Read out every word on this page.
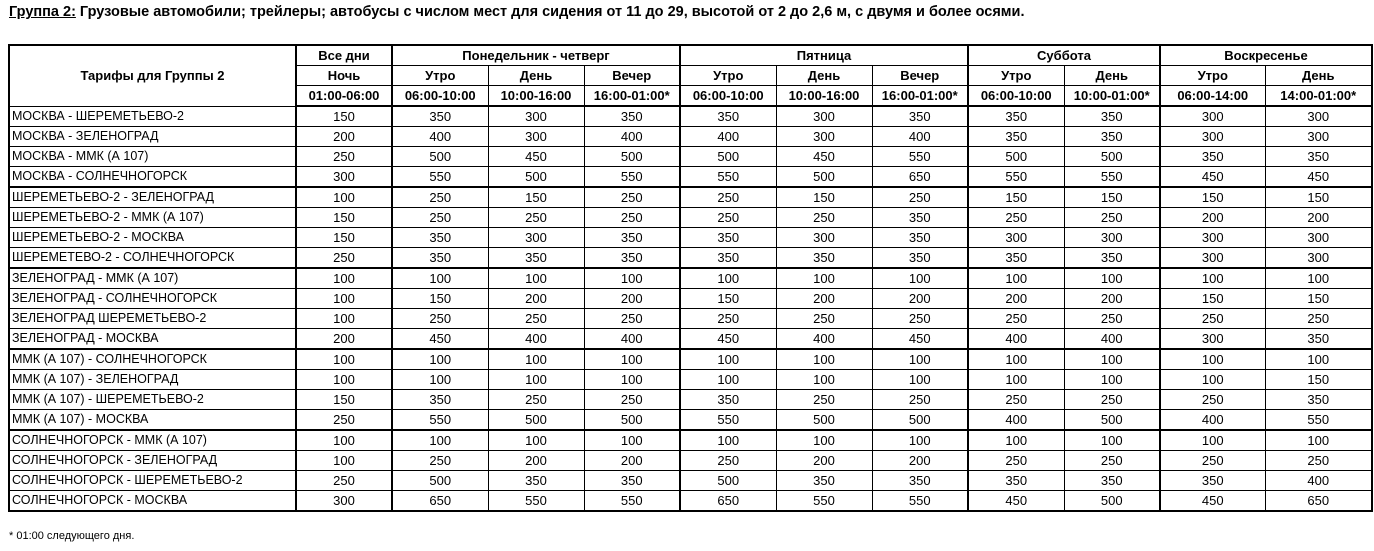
Группа 2: Грузовые автомобили; трейлеры; автобусы с числом мест для сидения от 11 до 29, высотой от 2 до 2,6 м, с двумя и более осями.
Тарифы для Группы 2	Все дни	Понедельник - четверг			Пятница			Суббота		Воскресенье	
	Ночь	Утро	День	Вечер	Утро	День	Вечер	Утро	День	Утро	День
	01:00-06:00	06:00-10:00	10:00-16:00	16:00-01:00*	06:00-10:00	10:00-16:00	16:00-01:00*	06:00-10:00	10:00-01:00*	06:00-14:00	14:00-01:00*
МОСКВА - ШЕРЕМЕТЬЕВО-2	150	350	300	350	350	300	350	350	350	300	300
МОСКВА - ЗЕЛЕНОГРАД	200	400	300	400	400	300	400	350	350	300	300
МОСКВА - ММК (А 107)	250	500	450	500	500	450	550	500	500	350	350
МОСКВА - СОЛНЕЧНОГОРСК	300	550	500	550	550	500	650	550	550	450	450
ШЕРЕМЕТЬЕВО-2 - ЗЕЛЕНОГРАД	100	250	150	250	250	150	250	150	150	150	150
ШЕРЕМЕТЬЕВО-2 - ММК (А 107)	150	250	250	250	250	250	350	250	250	200	200
ШЕРЕМЕТЬЕВО-2 - МОСКВА	150	350	300	350	350	300	350	300	300	300	300
ШЕРЕМЕТЕВО-2 - СОЛНЕЧНОГОРСК	250	350	350	350	350	350	350	350	350	300	300
ЗЕЛЕНОГРАД - ММК (А 107)	100	100	100	100	100	100	100	100	100	100	100
ЗЕЛЕНОГРАД - СОЛНЕЧНОГОРСК	100	150	200	200	150	200	200	200	200	150	150
ЗЕЛЕНОГРАД ШЕРЕМЕТЬЕВО-2	100	250	250	250	250	250	250	250	250	250	250
ЗЕЛЕНОГРАД - МОСКВА	200	450	400	400	450	400	450	400	400	300	350
ММК (А 107) - СОЛНЕЧНОГОРСК	100	100	100	100	100	100	100	100	100	100	100
ММК (А 107) - ЗЕЛЕНОГРАД	100	100	100	100	100	100	100	100	100	100	150
ММК (А 107) - ШЕРЕМЕТЬЕВО-2	150	350	250	250	350	250	250	250	250	250	350
ММК (А 107) - МОСКВА	250	550	500	500	550	500	500	400	500	400	550
СОЛНЕЧНОГОРСК - ММК (А 107)	100	100	100	100	100	100	100	100	100	100	100
СОЛНЕЧНОГОРСК - ЗЕЛЕНОГРАД	100	250	200	200	250	200	200	250	250	250	250
СОЛНЕЧНОГОРСК - ШЕРЕМЕТЬЕВО-2	250	500	350	350	500	350	350	350	350	350	400
СОЛНЕЧНОГОРСК - МОСКВА	300	650	550	550	650	550	550	450	500	450	650
* 01:00 следующего дня.
